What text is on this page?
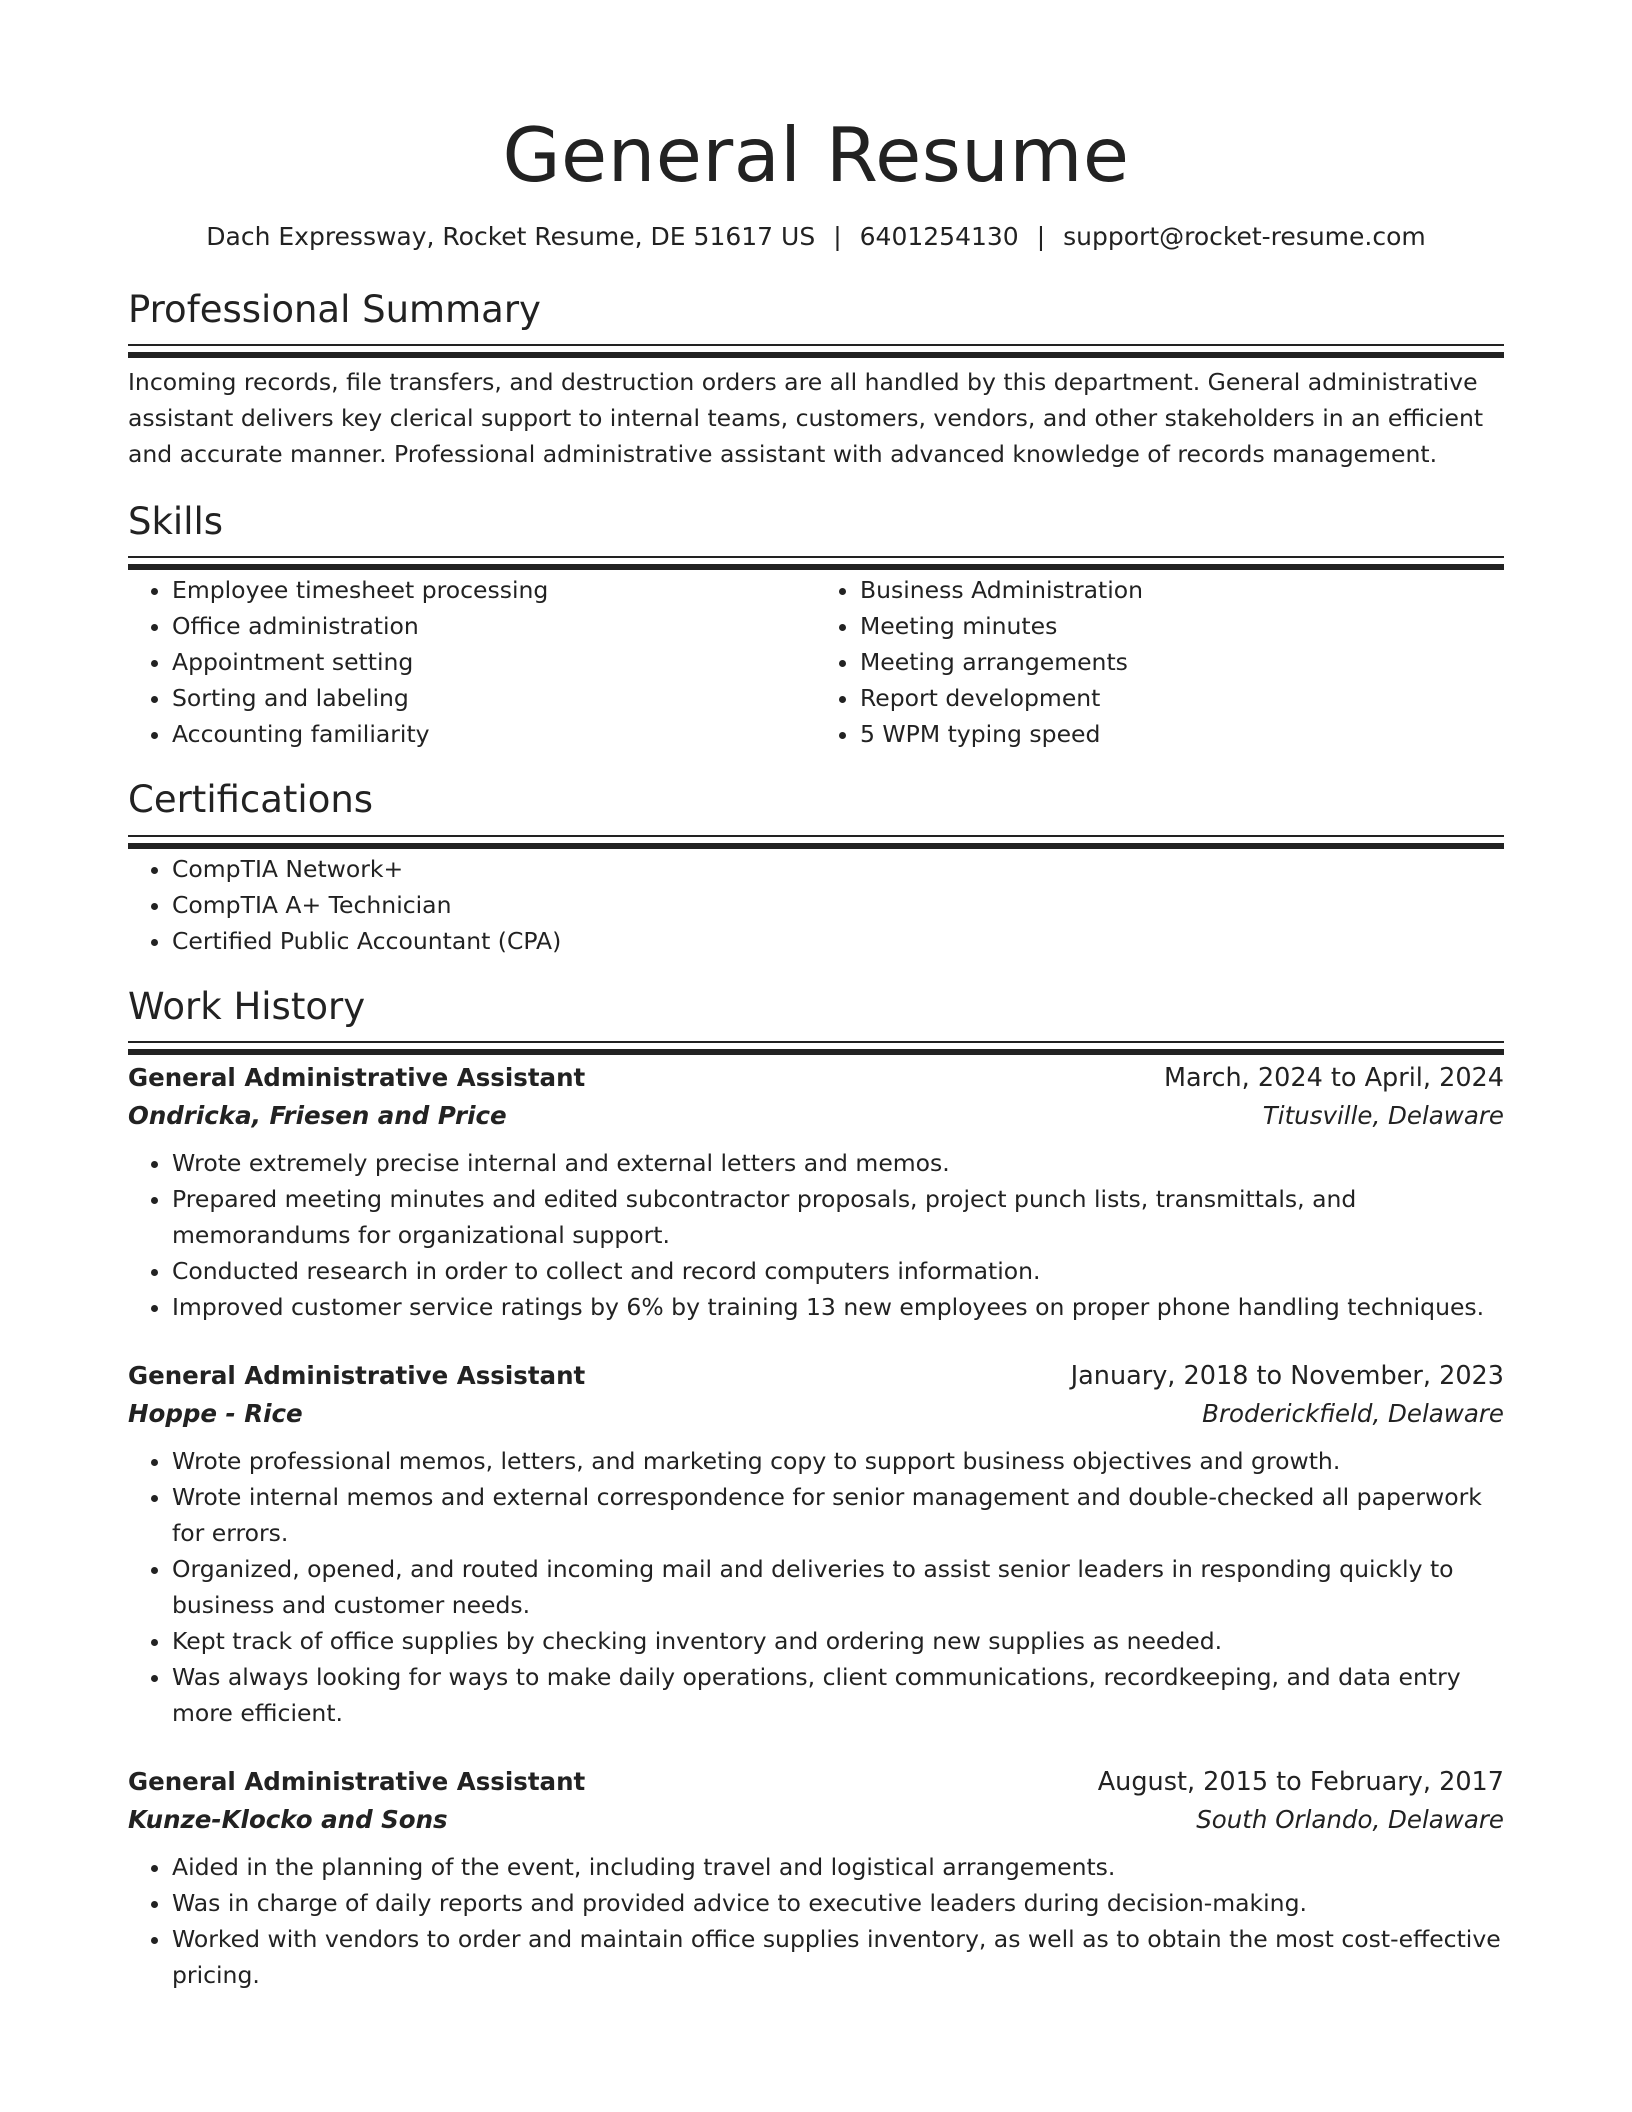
General Resume
Dach Expressway, Rocket Resume, DE 51617 US | 6401254130 | support@rocket-resume.com
Professional Summary

Incoming records, file transfers, and destruction orders are all handled by this department. General administrative assistant delivers key clerical support to internal teams, customers, vendors, and other stakeholders in an efficient and accurate manner. Professional administrative assistant with advanced knowledge of records management.

Skills
• Employee timesheet processing
• Office administration
• Appointment setting
• Sorting and labeling
• Accounting familiarity
• Business Administration
• Meeting minutes
• Meeting arrangements
• Report development
• 5 WPM typing speed
Certifications
• CompTIA Network+
• CompTIA A+ Technician
• Certified Public Accountant (CPA)
Work History
General Administrative Assistant	March, 2024 to April, 2024
Ondricka, Friesen and Price	Titusville, Delaware
• Wrote extremely precise internal and external letters and memos.
• Prepared meeting minutes and edited subcontractor proposals, project punch lists, transmittals, and memorandums for organizational support.
• Conducted research in order to collect and record computers information.
• Improved customer service ratings by 6% by training 13 new employees on proper phone handling techniques.
General Administrative Assistant	January, 2018 to November, 2023
Hoppe - Rice	Broderickfield, Delaware
• Wrote professional memos, letters, and marketing copy to support business objectives and growth.
• Wrote internal memos and external correspondence for senior management and double-checked all paperwork for errors.
• Organized, opened, and routed incoming mail and deliveries to assist senior leaders in responding quickly to business and customer needs.
• Kept track of office supplies by checking inventory and ordering new supplies as needed.
• Was always looking for ways to make daily operations, client communications, recordkeeping, and data entry more efficient.
General Administrative Assistant	August, 2015 to February, 2017
Kunze-Klocko and Sons	South Orlando, Delaware
• Aided in the planning of the event, including travel and logistical arrangements.
• Was in charge of daily reports and provided advice to executive leaders during decision-making.
• Worked with vendors to order and maintain office supplies inventory, as well as to obtain the most cost-effective pricing.
